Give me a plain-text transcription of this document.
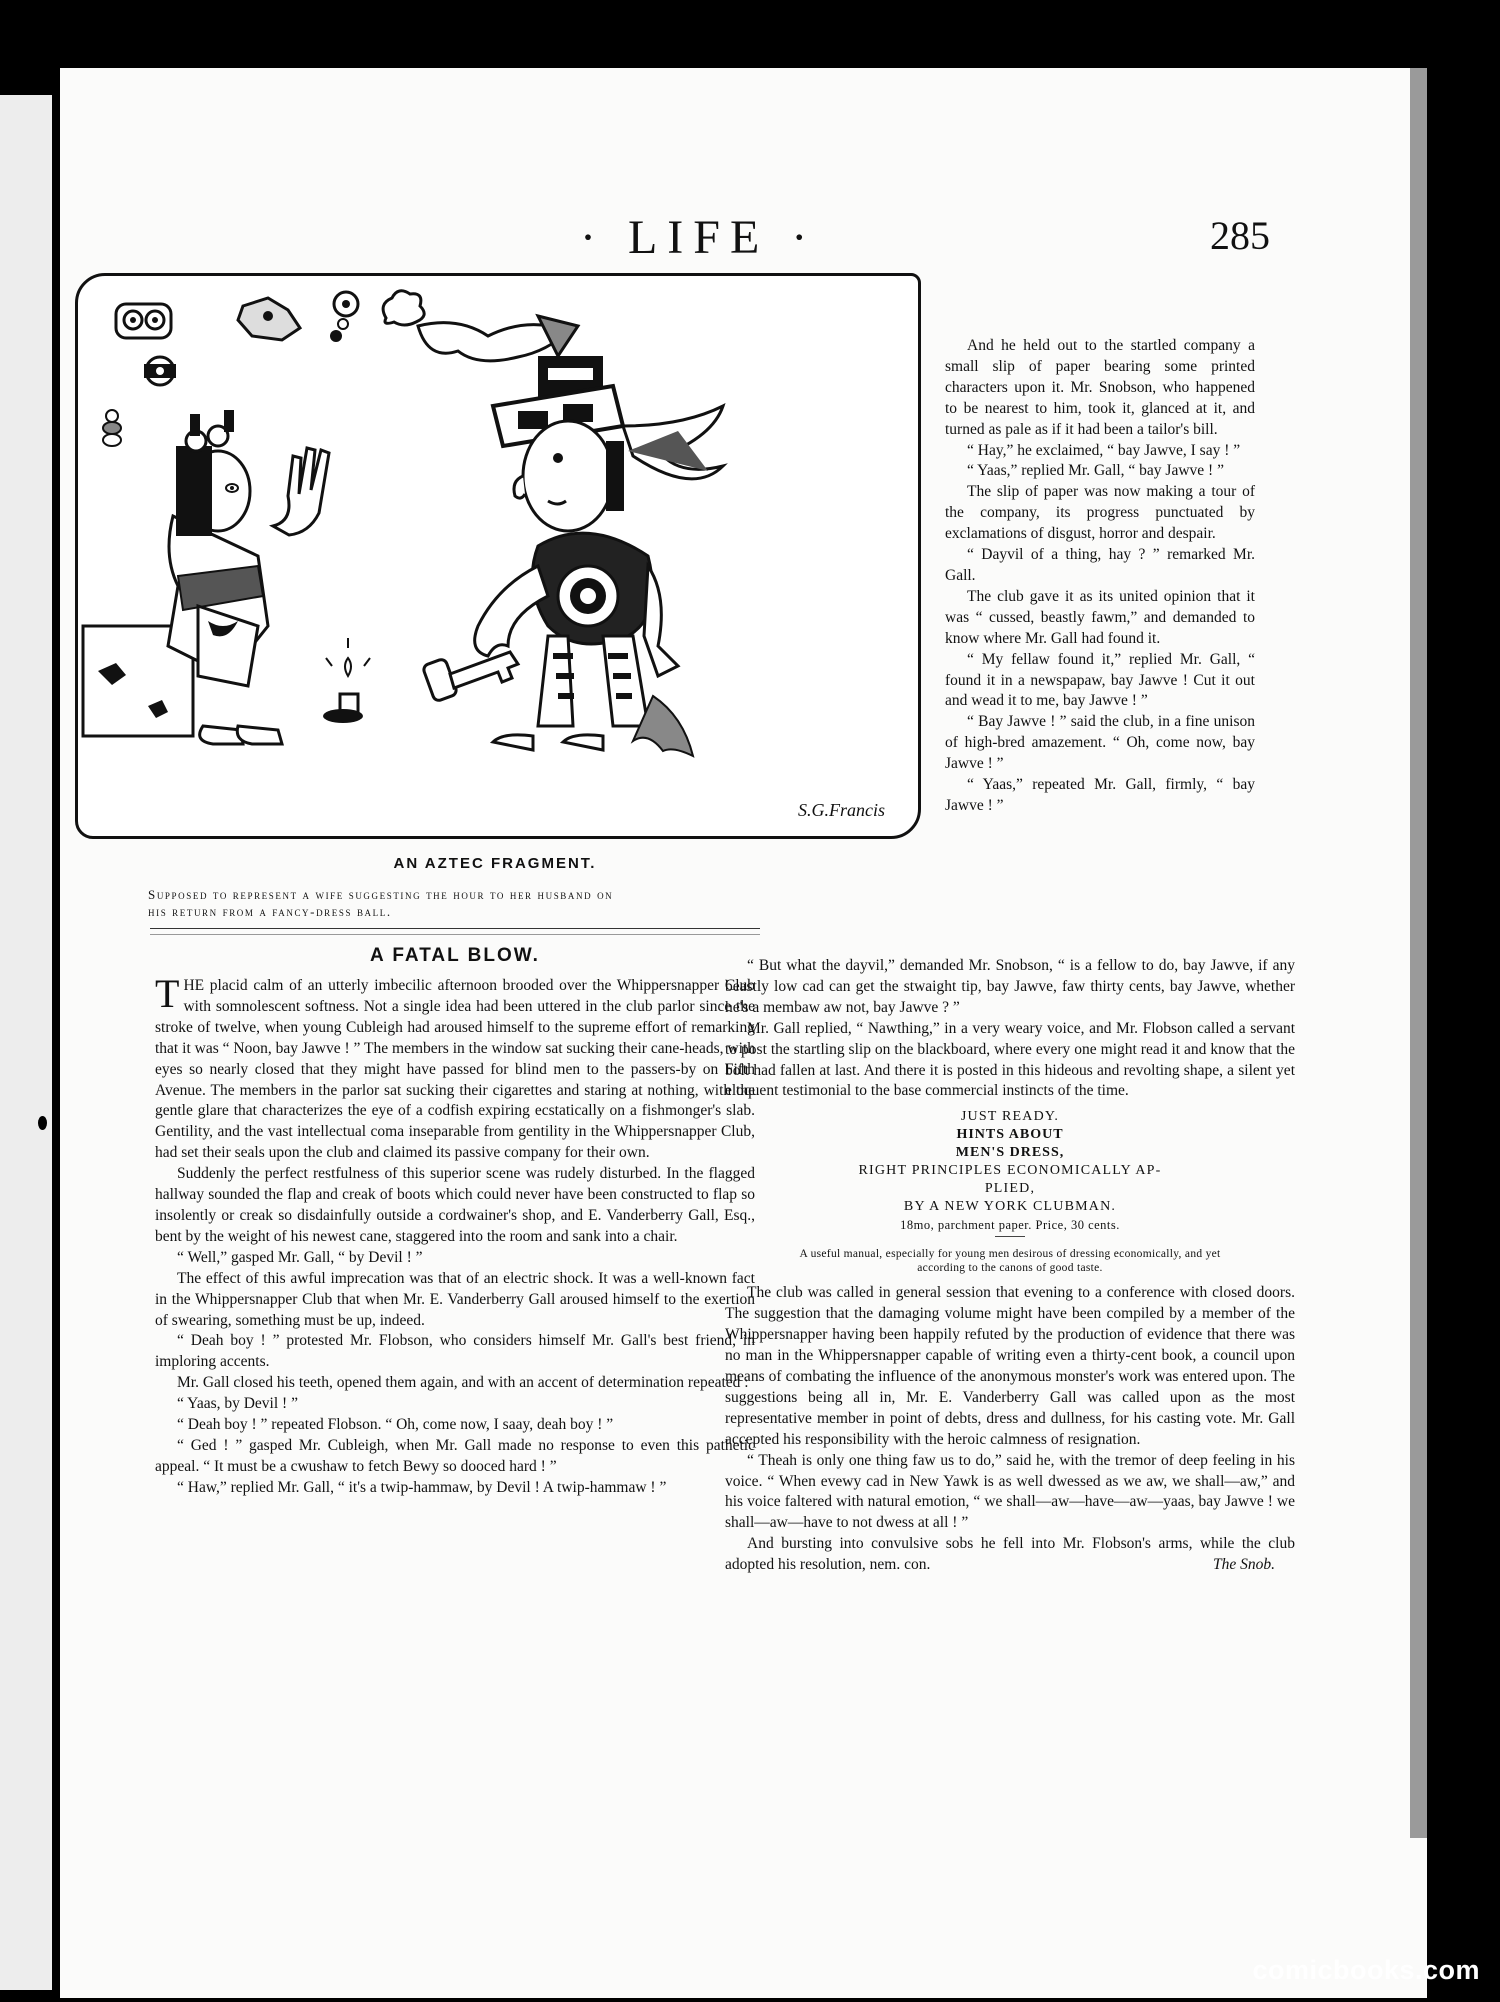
· LIFE ·	285
S.G.Francis
AN AZTEC FRAGMENT.
Supposed to represent a wife suggesting the hour to her husband on
his return from a fancy-dress ball.
A FATAL BLOW.

THE placid calm of an utterly imbecilic afternoon brooded over the Whippersnapper Club with somnolescent softness. Not a single idea had been uttered in the club parlor since the stroke of twelve, when young Cubleigh had aroused himself to the supreme effort of remarking that it was “ Noon, bay Jawve ! ” The members in the window sat sucking their cane-heads, with eyes so nearly closed that they might have passed for blind men to the passers-by on Fifth Avenue. The members in the parlor sat sucking their cigarettes and staring at nothing, with the gentle glare that characterizes the eye of a codfish expiring ecstatically on a fishmonger's slab. Gentility, and the vast intellectual coma inseparable from gentility in the Whippersnapper Club, had set their seals upon the club and claimed its passive company for their own.

Suddenly the perfect restfulness of this superior scene was rudely disturbed. In the flagged hallway sounded the flap and creak of boots which could never have been constructed to flap so insolently or creak so disdainfully outside a cordwainer's shop, and E. Vanderberry Gall, Esq., bent by the weight of his newest cane, staggered into the room and sank into a chair.

“ Well,” gasped Mr. Gall, “ by Devil ! ”

The effect of this awful imprecation was that of an electric shock. It was a well-known fact in the Whippersnapper Club that when Mr. E. Vanderberry Gall aroused himself to the exertion of swearing, something must be up, indeed.

“ Deah boy ! ” protested Mr. Flobson, who considers himself Mr. Gall's best friend, in imploring accents.

Mr. Gall closed his teeth, opened them again, and with an accent of determination repeated :

“ Yaas, by Devil ! ”

“ Deah boy ! ” repeated Flobson. “ Oh, come now, I saay, deah boy ! ”

“ Ged ! ” gasped Mr. Cubleigh, when Mr. Gall made no response to even this pathetic appeal. “ It must be a cwushaw to fetch Bewy so dooced hard ! ”

“ Haw,” replied Mr. Gall, “ it's a twip-hammaw, by Devil ! A twip-hammaw ! ”

And he held out to the startled company a small slip of paper bearing some printed characters upon it. Mr. Snobson, who happened to be nearest to him, took it, glanced at it, and turned as pale as if it had been a tailor's bill.

“ Hay,” he exclaimed, “ bay Jawve, I say ! ”

“ Yaas,” replied Mr. Gall, “ bay Jawve ! ”

The slip of paper was now making a tour of the company, its progress punctuated by exclamations of disgust, horror and despair.

“ Dayvil of a thing, hay ? ” remarked Mr. Gall.

The club gave it as its united opinion that it was “ cussed, beastly fawm,” and demanded to know where Mr. Gall had found it.

“ My fellaw found it,” replied Mr. Gall, “ found it in a newspapaw, bay Jawve ! Cut it out and wead it to me, bay Jawve ! ”

“ Bay Jawve ! ” said the club, in a fine unison of high-bred amazement. “ Oh, come now, bay Jawve ! ”

“ Yaas,” repeated Mr. Gall, firmly, “ bay Jawve ! ”

“ But what the dayvil,” demanded Mr. Snobson, “ is a fellow to do, bay Jawve, if any beastly low cad can get the stwaight tip, bay Jawve, faw thirty cents, bay Jawve, whether he's a membaw aw not, bay Jawve ? ”

Mr. Gall replied, “ Nawthing,” in a very weary voice, and Mr. Flobson called a servant to post the startling slip on the blackboard, where every one might read it and know that the bolt had fallen at last. And there it is posted in this hideous and revolting shape, a silent yet eloquent testimonial to the base commercial instincts of the time.

JUST READY.
HINTS ABOUT
MEN'S DRESS,
RIGHT PRINCIPLES ECONOMICALLY AP-
PLIED,
BY A NEW YORK CLUBMAN.
18mo, parchment paper. Price, 30 cents.
A useful manual, especially for young men desirous of dressing economically, and yet according to the canons of good taste.

The club was called in general session that evening to a conference with closed doors. The suggestion that the damaging volume might have been compiled by a member of the Whippersnapper having been happily refuted by the production of evidence that there was no man in the Whippersnapper capable of writing even a thirty-cent book, a council upon means of combating the influence of the anonymous monster's work was entered upon. The suggestions being all in, Mr. E. Vanderberry Gall was called upon as the most representative member in point of debts, dress and dullness, for his casting vote. Mr. Gall accepted his responsibility with the heroic calmness of resignation.

“ Theah is only one thing faw us to do,” said he, with the tremor of deep feeling in his voice. “ When evewy cad in New Yawk is as well dwessed as we aw, we shall—aw,” and his voice faltered with natural emotion, “ we shall—aw—have—aw—yaas, bay Jawve ! we shall—aw—have to not dwess at all ! ”

And bursting into convulsive sobs he fell into Mr. Flobson's arms, while the club adopted his resolution, nem. con.	The Snob.

comicbooks.com
